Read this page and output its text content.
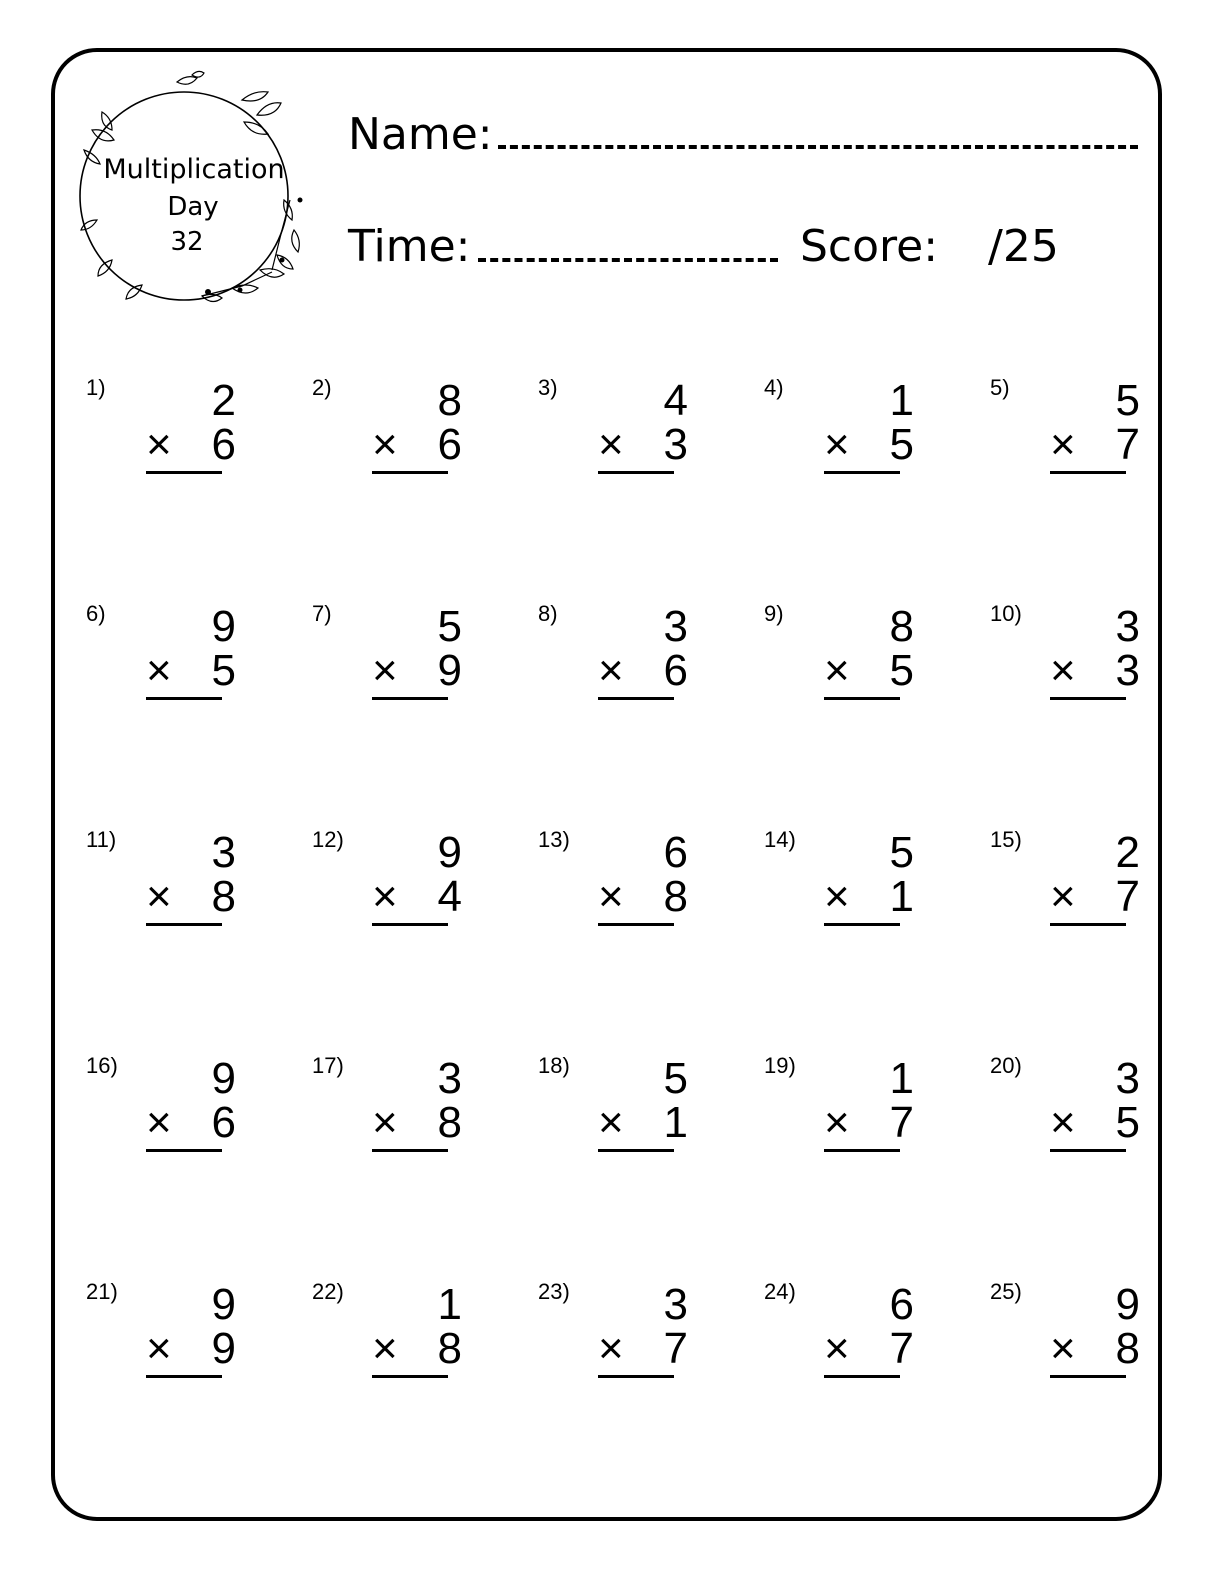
Multiplication
Day
32
Name:
Time:	Score: /25
1)	2
× 6
2)	8
× 6
3)	4
× 3
4)	1
× 5
5)	5
× 7
6)	9
× 5
7)	5
× 9
8)	3
× 6
9)	8
× 5
10)	3
× 3
11)	3
× 8
12)	9
× 4
13)	6
× 8
14)	5
× 1
15)	2
× 7
16)	9
× 6
17)	3
× 8
18)	5
× 1
19)	1
× 7
20)	3
× 5
21)	9
× 9
22)	1
× 8
23)	3
× 7
24)	6
× 7
25)	9
× 8
